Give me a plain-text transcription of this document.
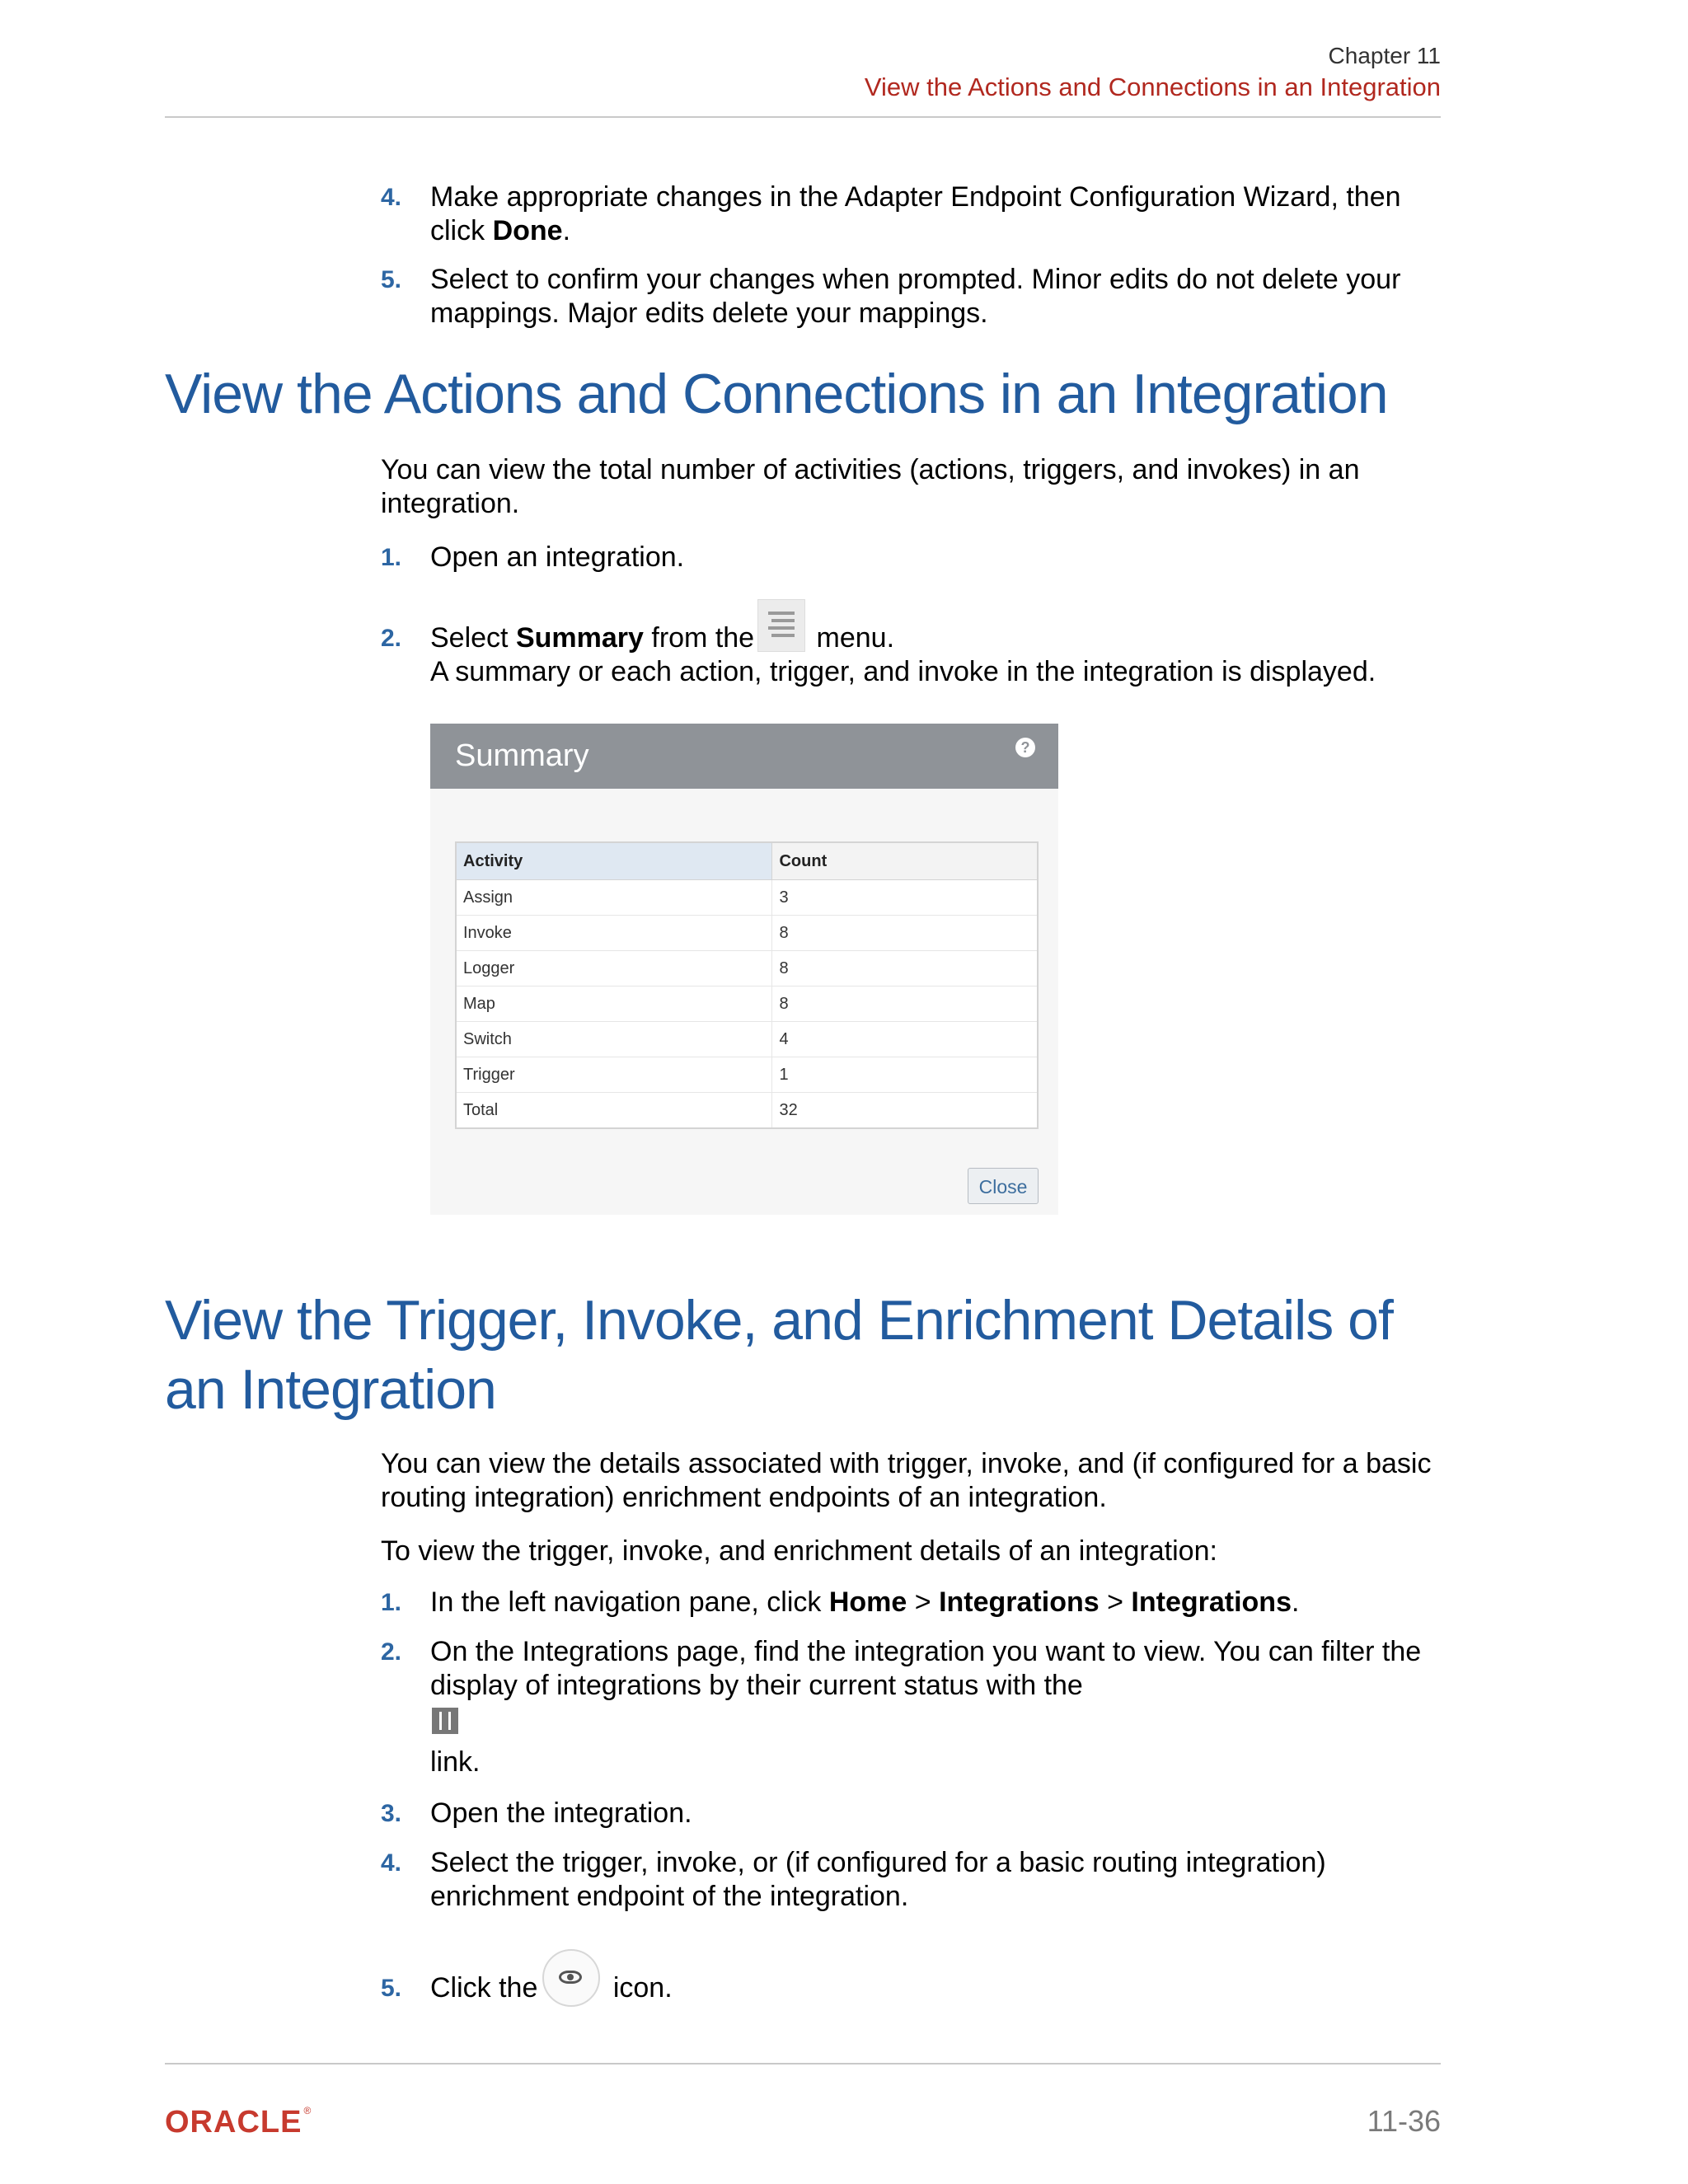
Chapter 11
View the Actions and Connections in an Integration
4. Make appropriate changes in the Adapter Endpoint Configuration Wizard, then click Done.
5. Select to confirm your changes when prompted. Minor edits do not delete your mappings. Major edits delete your mappings.
View the Actions and Connections in an Integration
You can view the total number of activities (actions, triggers, and invokes) in an integration.
1. Open an integration.
2. Select Summary from the
menu.
A summary or each action, trigger, and invoke in the integration is displayed.
Summary	?
Activity	Count
Assign	3
Invoke	8
Logger	8
Map	8
Switch	4
Trigger	1
Total	32
Close
View the Trigger, Invoke, and Enrichment Details of an Integration
You can view the details associated with trigger, invoke, and (if configured for a basic routing integration) enrichment endpoints of an integration.
To view the trigger, invoke, and enrichment details of an integration:
1. In the left navigation pane, click Home > Integrations > Integrations.
2. On the Integrations page, find the integration you want to view. You can filter the display of integrations by their current status with the
link.
3. Open the integration.
4. Select the trigger, invoke, or (if configured for a basic routing integration) enrichment endpoint of the integration.
5. Click the icon.
ORACLE ®	11-36
